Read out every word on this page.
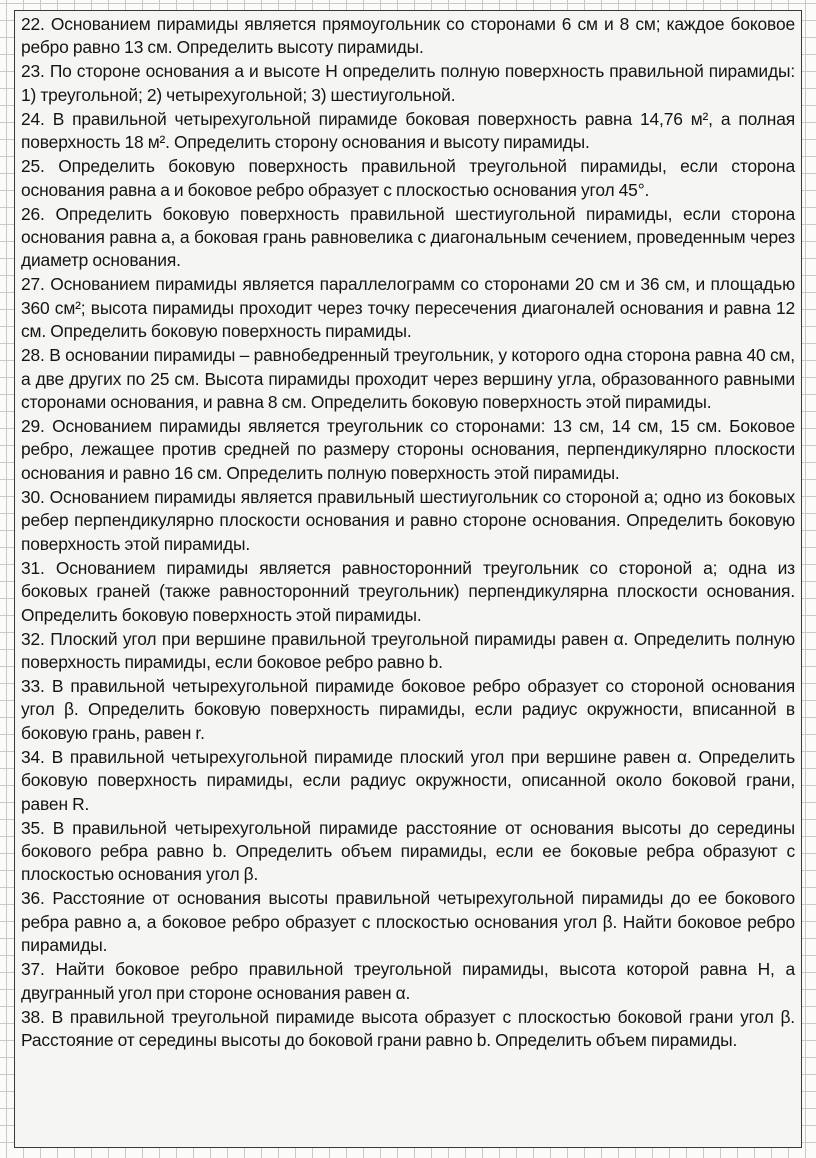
22. Основанием пирамиды является прямоугольник со сторонами 6 см и 8 см; каждое боковое ребро равно 13 см. Определить высоту пирамиды.

23. По стороне основания a и высоте H определить полную поверхность правильной пирамиды: 1) треугольной; 2) четырехугольной; 3) шестиугольной.

24. В правильной четырехугольной пирамиде боковая поверхность равна 14,76 м², а полная поверхность 18 м². Определить сторону основания и высоту пирамиды.

25. Определить боковую поверхность правильной треугольной пирамиды, если сторона основания равна a и боковое ребро образует с плоскостью основания угол 45°.

26. Определить боковую поверхность правильной шестиугольной пирамиды, если сторона основания равна a, а боковая грань равновелика с диагональным сечением, проведенным через диаметр основания.

27. Основанием пирамиды является параллелограмм со сторонами 20 см и 36 см, и площадью 360 см²; высота пирамиды проходит через точку пересечения диагоналей основания и равна 12 см. Определить боковую поверхность пирамиды.

28. В основании пирамиды – равнобедренный треугольник, у которого одна сторона равна 40 см, а две других по 25 см. Высота пирамиды проходит через вершину угла, образованного равными сторонами основания, и равна 8 см. Определить боковую поверхность этой пирамиды.

29. Основанием пирамиды является треугольник со сторонами: 13 см, 14 см, 15 см. Боковое ребро, лежащее против средней по размеру стороны основания, перпендикулярно плоскости основания и равно 16 см. Определить полную поверхность этой пирамиды.

30. Основанием пирамиды является правильный шестиугольник со стороной a; одно из боковых ребер перпендикулярно плоскости основания и равно стороне основания. Определить боковую поверхность этой пирамиды.

31. Основанием пирамиды является равносторонний треугольник со стороной a; одна из боковых граней (также равносторонний треугольник) перпендикулярна плоскости основания. Определить боковую поверхность этой пирамиды.

32. Плоский угол при вершине правильной треугольной пирамиды равен α. Определить полную поверхность пирамиды, если боковое ребро равно b.

33. В правильной четырехугольной пирамиде боковое ребро образует со стороной основания угол β. Определить боковую поверхность пирамиды, если радиус окружности, вписанной в боковую грань, равен r.

34. В правильной четырехугольной пирамиде плоский угол при вершине равен α. Определить боковую поверхность пирамиды, если радиус окружности, описанной около боковой грани, равен R.

35. В правильной четырехугольной пирамиде расстояние от основания высоты до середины бокового ребра равно b. Определить объем пирамиды, если ее боковые ребра образуют с плоскостью основания угол β.

36. Расстояние от основания высоты правильной четырехугольной пирамиды до ее бокового ребра равно a, а боковое ребро образует с плоскостью основания угол β. Найти боковое ребро пирамиды.

37. Найти боковое ребро правильной треугольной пирамиды, высота которой равна H, а двугранный угол при стороне основания равен α.

38. В правильной треугольной пирамиде высота образует с плоскостью боковой грани угол β. Расстояние от середины высоты до боковой грани равно b. Определить объем пирамиды.
